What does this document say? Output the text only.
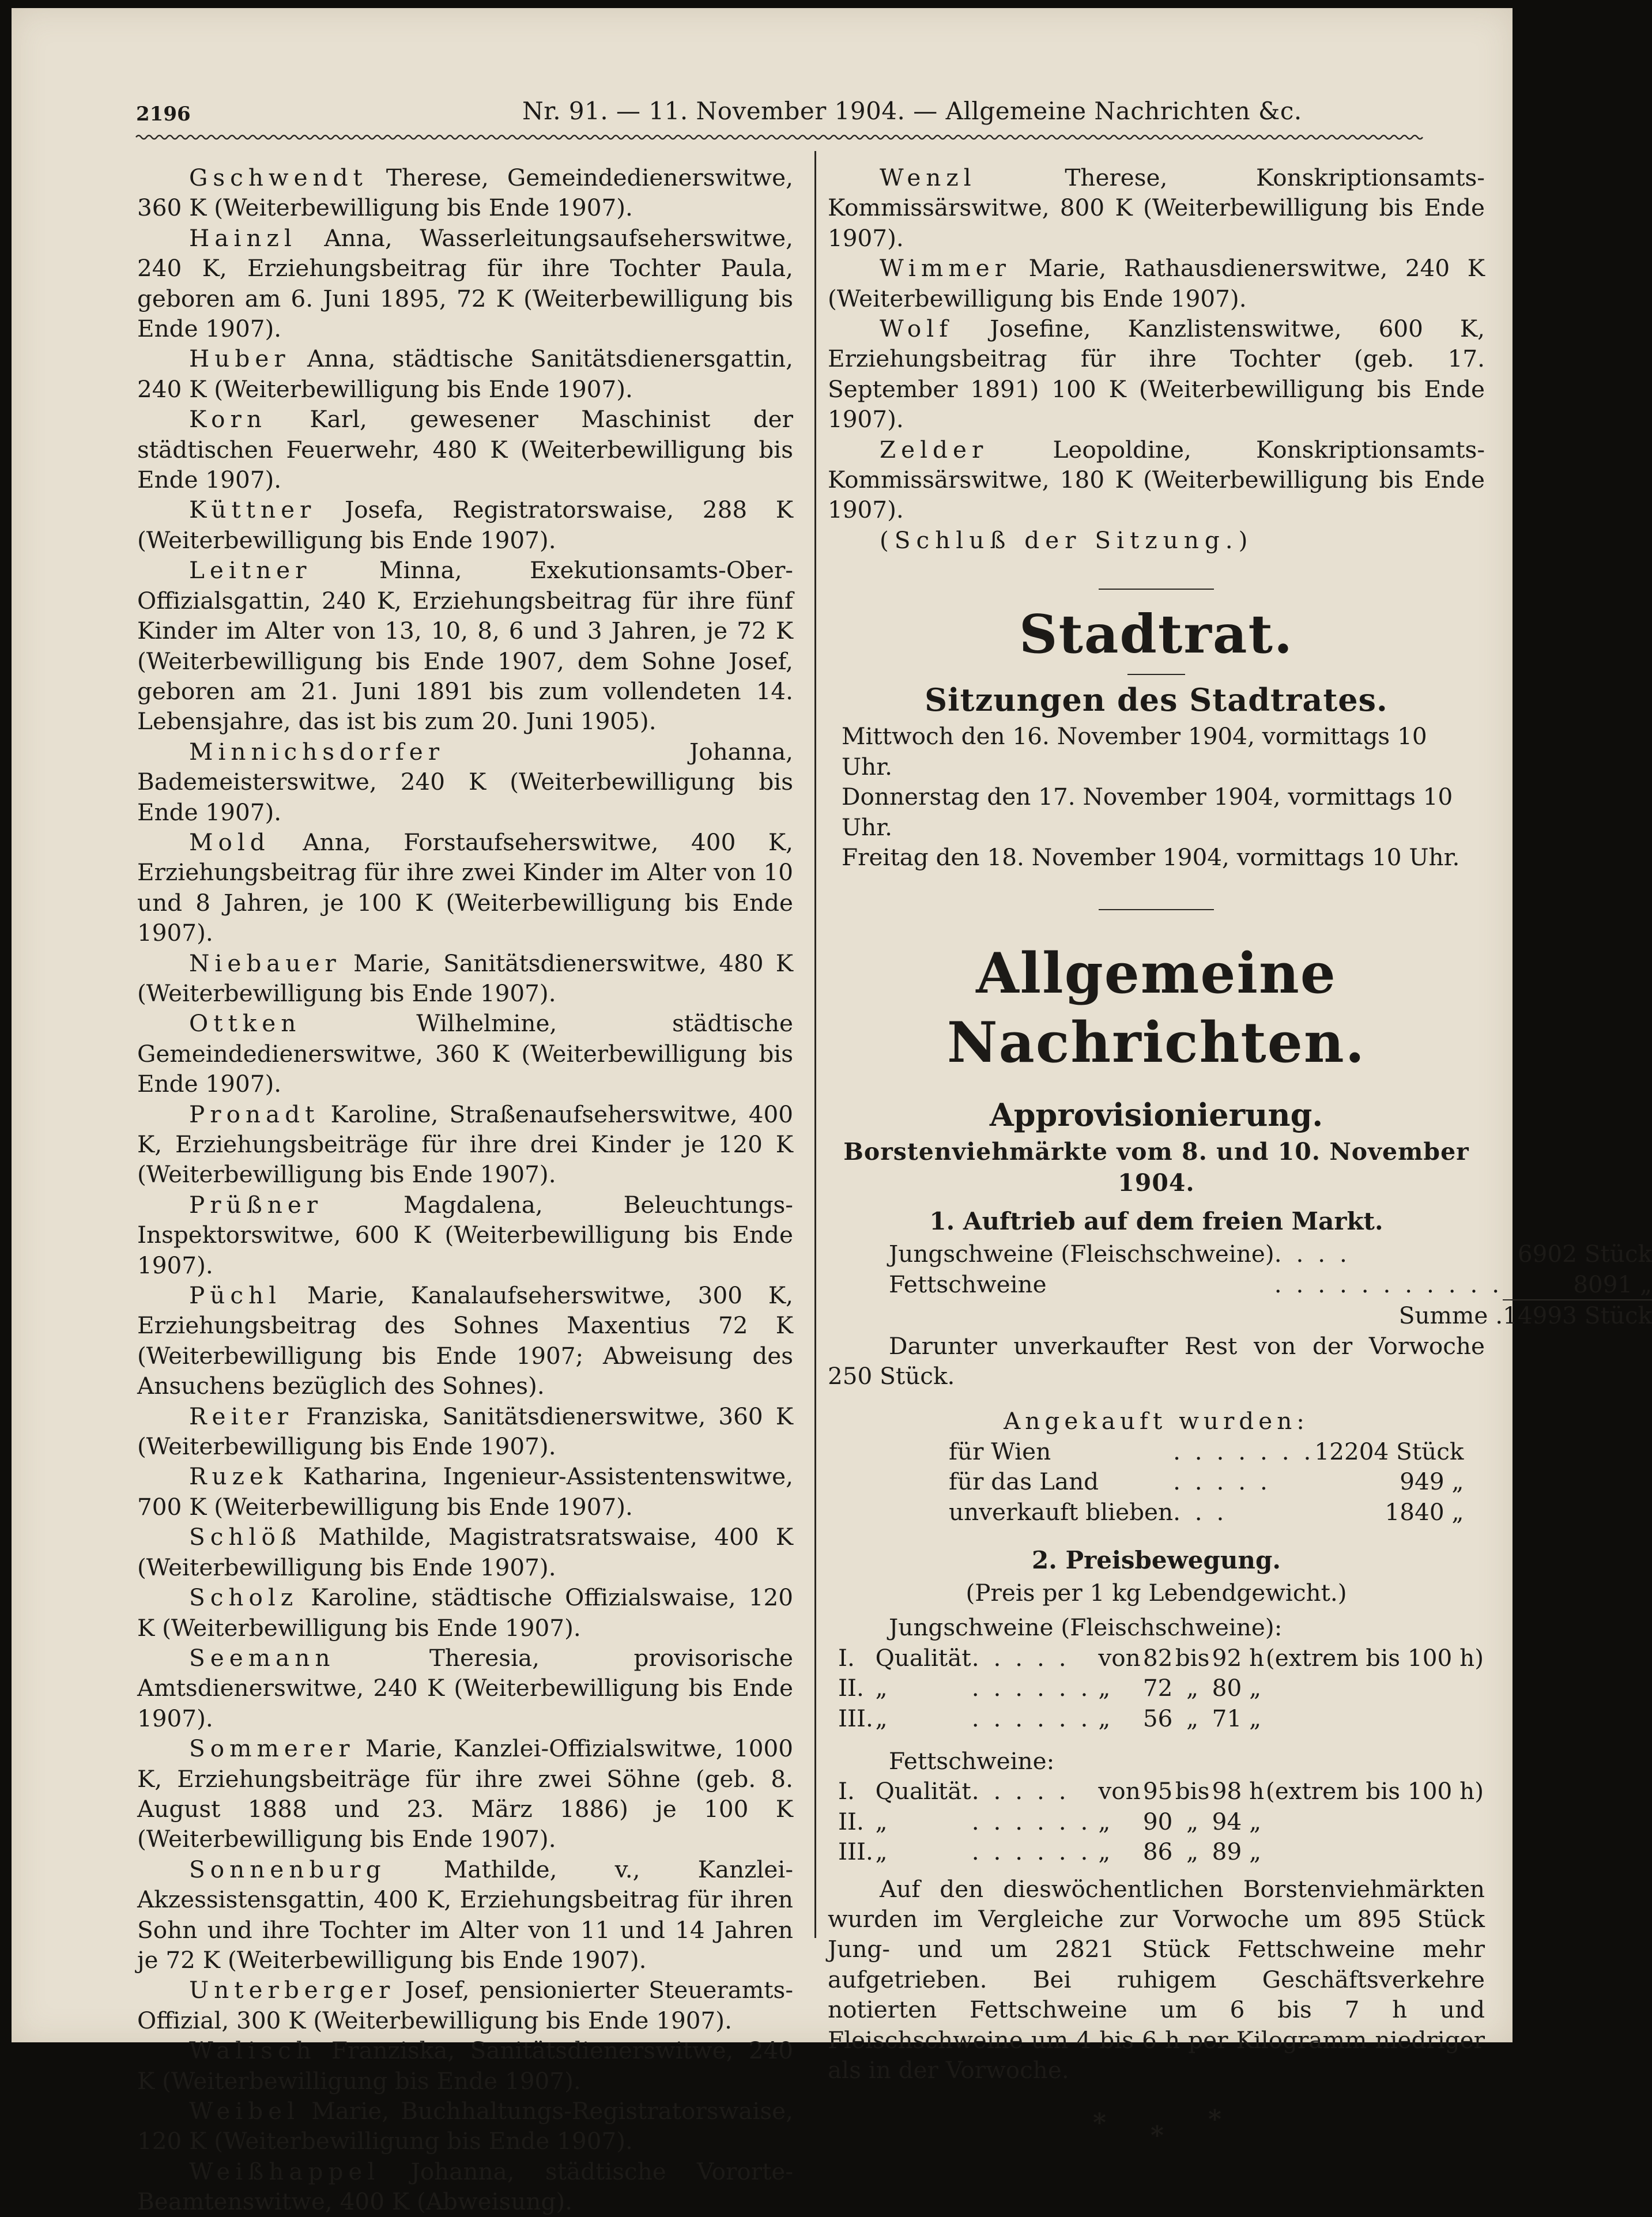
2196	Nr. 91. — 11. November 1904. — Allgemeine Nachrichten &c.

Gschwendt Therese, Gemeindedienerswitwe, 360 K (Weiterbewilligung bis Ende 1907).

Hainzl Anna, Wasserleitungsaufseherswitwe, 240 K, Erziehungsbeitrag für ihre Tochter Paula, geboren am 6. Juni 1895, 72 K (Weiterbewilligung bis Ende 1907).

Huber Anna, städtische Sanitätsdienersgattin, 240 K (Weiterbewilligung bis Ende 1907).

Korn Karl, gewesener Maschinist der städtischen Feuerwehr, 480 K (Weiterbewilligung bis Ende 1907).

Küttner Josefa, Registratorswaise, 288 K (Weiterbewilligung bis Ende 1907).

Leitner	Minna, Exekutionsamts-Ober-Offizialsgattin, 240 K, Erziehungsbeitrag für ihre fünf Kinder im Alter von 13, 10, 8, 6 und 3 Jahren, je 72 K (Weiterbewilligung bis Ende 1907, dem Sohne Josef, geboren am 21. Juni 1891 bis zum vollendeten 14. Lebensjahre, das ist bis zum 20. Juni 1905).

Minnichsdorfer	Johanna, Bademeisterswitwe, 240 K (Weiterbewilligung bis Ende 1907).

Mold Anna, Forstaufseherswitwe, 400 K, Erziehungsbeitrag für ihre zwei Kinder im Alter von 10 und 8 Jahren, je 100 K (Weiterbewilligung bis Ende 1907).

Niebauer Marie, Sanitätsdienerswitwe, 480 K (Weiterbewilligung bis Ende 1907).

Ottken	Wilhelmine, städtische Gemeindedienerswitwe, 360 K (Weiterbewilligung bis Ende 1907).

Pronadt Karoline, Straßenaufseherswitwe, 400 K, Erziehungsbeiträge für ihre drei Kinder je 120 K (Weiterbewilligung bis Ende 1907).

Prüßner	Magdalena, Beleuchtungs-Inspektorswitwe, 600 K (Weiterbewilligung bis Ende 1907).

Püchl Marie, Kanalaufseherswitwe, 300 K, Erziehungsbeitrag des Sohnes Maxentius 72 K (Weiterbewilligung bis Ende 1907; Abweisung des Ansuchens bezüglich des Sohnes).

Reiter Franziska, Sanitätsdienerswitwe, 360 K (Weiterbewilligung bis Ende 1907).

Ruzek Katharina, Ingenieur-Assistentenswitwe, 700 K (Weiterbewilligung bis Ende 1907).

Schlöß Mathilde, Magistratsratswaise, 400 K (Weiterbewilligung bis Ende 1907).

Scholz Karoline, städtische Offizialswaise, 120 K (Weiterbewilligung bis Ende 1907).

Seemann	Theresia, provisorische Amtsdienerswitwe, 240 K (Weiterbewilligung bis Ende 1907).

Sommerer Marie, Kanzlei-Offizialswitwe, 1000 K, Erziehungsbeiträge für ihre zwei Söhne (geb. 8. August 1888 und 23. März 1886) je 100 K (Weiterbewilligung bis Ende 1907).

Sonnenburg Mathilde, v., Kanzlei-Akzessistensgattin, 400 K, Erziehungsbeitrag für ihren Sohn und ihre Tochter im Alter von 11 und 14 Jahren je 72 K (Weiterbewilligung bis Ende 1907).

Unterberger Josef, pensionierter Steueramts-Offizial, 300 K (Weiterbewilligung bis Ende 1907).

Walisch Franziska, Sanitätsdienerswitwe, 240 K (Weiterbewilligung bis Ende 1907).

Weibel Marie, Buchhaltungs-Registratorswaise, 120 K (Weiterbewilligung bis Ende 1907).

Weißhappel Johanna, städtische Vororte-Beamtenswitwe, 400 K (Abweisung).

Wenzl	Therese, Konskriptionsamts-Kommissärswitwe, 800 K (Weiterbewilligung bis Ende 1907).

Wimmer Marie, Rathausdienerswitwe, 240 K (Weiterbewilligung bis Ende 1907).

Wolf Josefine, Kanzlistenswitwe, 600 K, Erziehungsbeitrag für ihre Tochter (geb. 17. September 1891) 100 K (Weiterbewilligung bis Ende 1907).

Zelder	Leopoldine, Konskriptionsamts-Kommissärswitwe, 180 K (Weiterbewilligung bis Ende 1907).

(Schluß der Sitzung.)

Stadtrat.

Sitzungen des Stadtrates.

Mittwoch den 16. November 1904, vormittags 10 Uhr.

Donnerstag den 17. November 1904, vormittags 10 Uhr.

Freitag den 18. November 1904, vormittags 10 Uhr.

Allgemeine Nachrichten.

Approvisionierung.

Borstenviehmärkte vom 8. und 10. November 1904.

1. Auftrieb auf dem freien Markt.

Jungschweine (Fleischschweine)	. . . .	6902 Stück
Fettschweine	. . . . . . . . . . .	8091 „
	Summe .	14993 Stück

Darunter unverkaufter Rest von der Vorwoche 250 Stück.

Angekauft wurden:

für Wien	. . . . . . .	12204 Stück
für das Land	. . . . .	949 „
unverkauft blieben	. . .	1840 „

2. Preisbewegung.

(Preis per 1 kg Lebendgewicht.)

Jungschweine (Fleischschweine):

I.	Qualität	. . . . .	von	82	bis	92 h	(extrem bis 100 h)
II.	„	. . . . . .	„	72	„	80 „	
III.	„	. . . . . .	„	56	„	71 „	

Fettschweine:

I.	Qualität	. . . . .	von	95	bis	98 h	(extrem bis 100 h)
II.	„	. . . . . .	„	90	„	94 „	
III.	„	. . . . . .	„	86	„	89 „	

Auf den dieswöchentlichen Borstenviehmärkten wurden im Vergleiche zur Vorwoche um 895 Stück Jung- und um 2821 Stück Fettschweine mehr aufgetrieben. Bei ruhigem Geschäftsverkehre notierten Fettschweine um 6 bis 7 h und Fleischschweine um 4 bis 6 h per Kilogramm niedriger als in der Vorwoche.

* *
*
